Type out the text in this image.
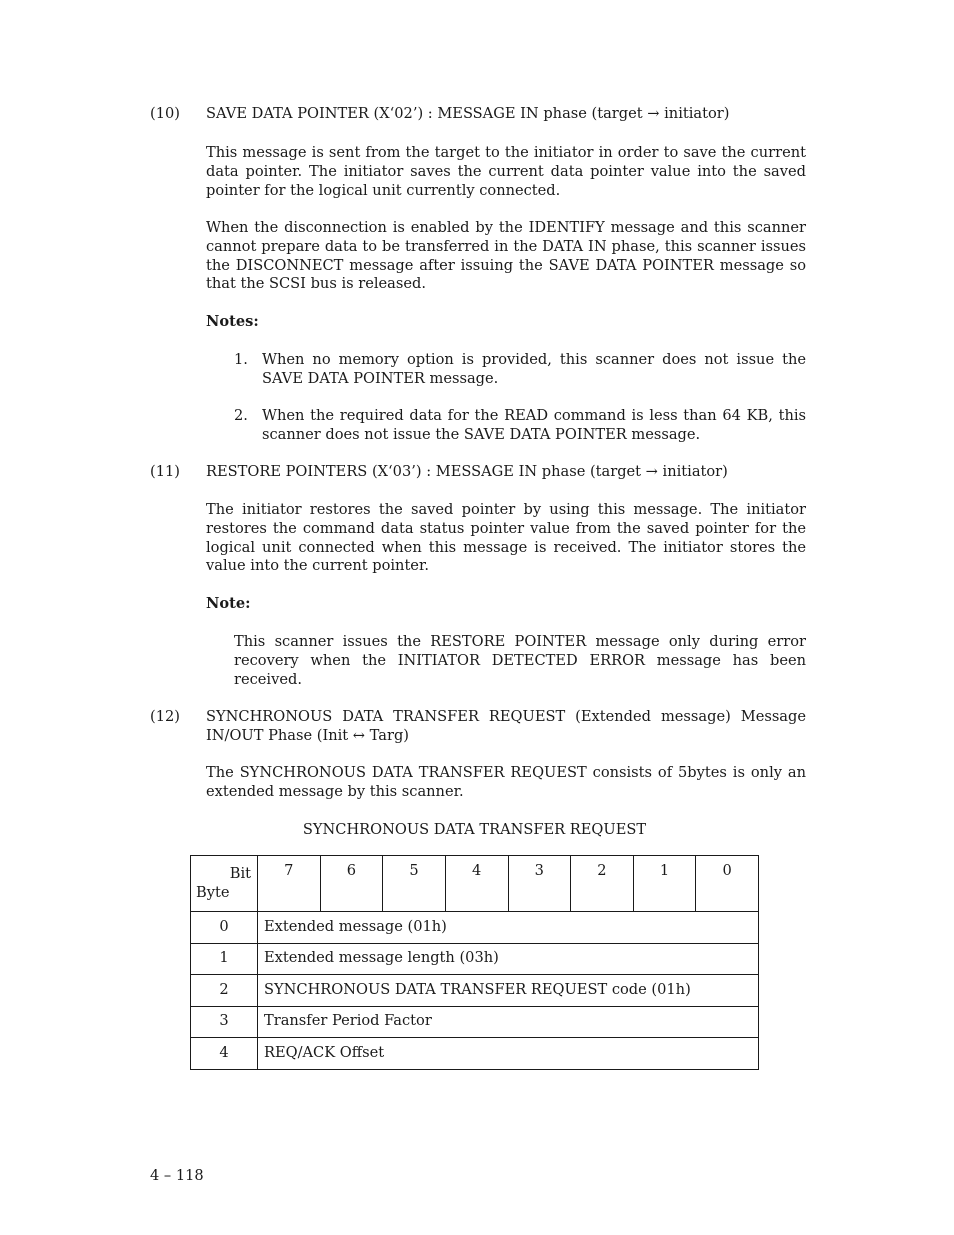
(10) SAVE DATA POINTER (X‘02’) : MESSAGE IN phase (target → initiator)
This message is sent from the target to the initiator in order to save the current data pointer. The initiator saves the current data pointer value into the saved pointer for the logical unit currently connected.
When the disconnection is enabled by the IDENTIFY message and this scanner cannot prepare data to be transferred in the DATA IN phase, this scanner issues the DISCONNECT message after issuing the SAVE DATA POINTER message so that the SCSI bus is released.
Notes:
1. When no memory option is provided, this scanner does not issue the SAVE DATA POINTER message.
2. When the required data for the READ command is less than 64 KB, this scanner does not issue the SAVE DATA POINTER message.
(11) RESTORE POINTERS (X‘03’) : MESSAGE IN phase (target → initiator)
The initiator restores the saved pointer by using this message. The initiator restores the command data status pointer value from the saved pointer for the logical unit connected when this message is received. The initiator stores the value into the current pointer.
Note:
This scanner issues the RESTORE POINTER message only during error recovery when the INITIATOR DETECTED ERROR message has been received.
(12) SYNCHRONOUS DATA TRANSFER REQUEST (Extended message) Message IN/OUT Phase (Init ↔ Targ)
The SYNCHRONOUS DATA TRANSFER REQUEST consists of 5bytes is only an extended message by this scanner.
SYNCHRONOUS DATA TRANSFER REQUEST
Bit
Byte	7	6	5	4	3	2	1	0
0	Extended message (01h)							
1	Extended message length (03h)							
2	SYNCHRONOUS DATA TRANSFER REQUEST code (01h)							
3	Transfer Period Factor							
4	REQ/ACK Offset							
4 – 118
